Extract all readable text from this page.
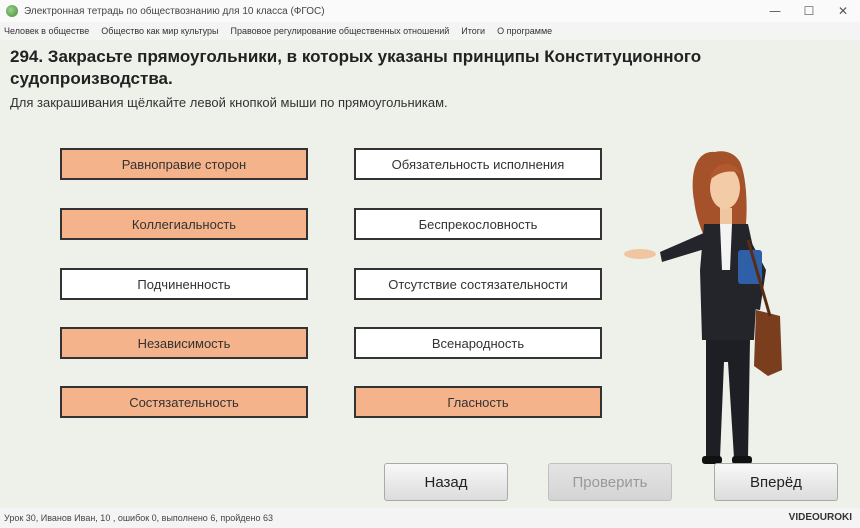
Электронная тетрадь по обществознанию для 10 класса (ФГОС)	—	☐	✕
Человек в обществе Общество как мир культуры Правовое регулирование общественных отношений Итоги О программе
294. Закрасьте прямоугольники, в которых указаны принципы Конституционного судопроизводства.
Для закрашивания щёлкайте левой кнопкой мыши по прямоугольникам.
Равноправие сторон	Обязательность исполнения
Коллегиальность	Беспрекословность
Подчиненность	Отсутствие состязательности
Независимость	Всенародность
Состязательность	Гласность
Назад	Проверить	Вперёд
Урок 30, Иванов Иван, 10 , ошибок 0, выполнено 6, пройдено 63	VIDEOUROKI
